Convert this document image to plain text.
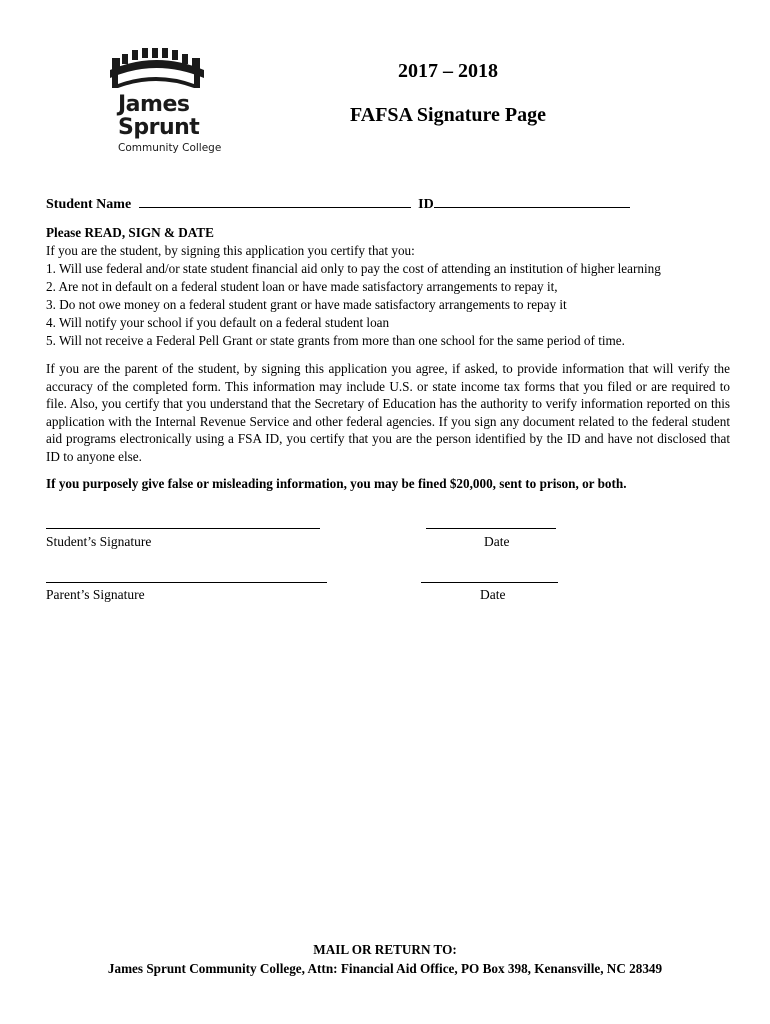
James
Sprunt
Community College
2017 – 2018
FAFSA Signature Page
Student Name	ID
Please READ, SIGN & DATE
If you are the student, by signing this application you certify that you:
1. Will use federal and/or state student financial aid only to pay the cost of attending an institution of higher learning
2. Are not in default on a federal student loan or have made satisfactory arrangements to repay it,
3. Do not owe money on a federal student grant or have made satisfactory arrangements to repay it
4. Will notify your school if you default on a federal student loan
5. Will not receive a Federal Pell Grant or state grants from more than one school for the same period of time.
If you are the parent of the student, by signing this application you agree, if asked, to provide information that will verify the accuracy of the completed form. This information may include U.S. or state income tax forms that you filed or are required to file. Also, you certify that you understand that the Secretary of Education has the authority to verify information reported on this application with the Internal Revenue Service and other federal agencies. If you sign any document related to the federal student aid programs electronically using a FSA ID, you certify that you are the person identified by the ID and have not disclosed that ID to anyone else.
If you purposely give false or misleading information, you may be fined $20,000, sent to prison, or both.
Student’s Signature	Date
Parent’s Signature	Date
MAIL OR RETURN TO:
James Sprunt Community College, Attn: Financial Aid Office, PO Box 398, Kenansville, NC 28349
